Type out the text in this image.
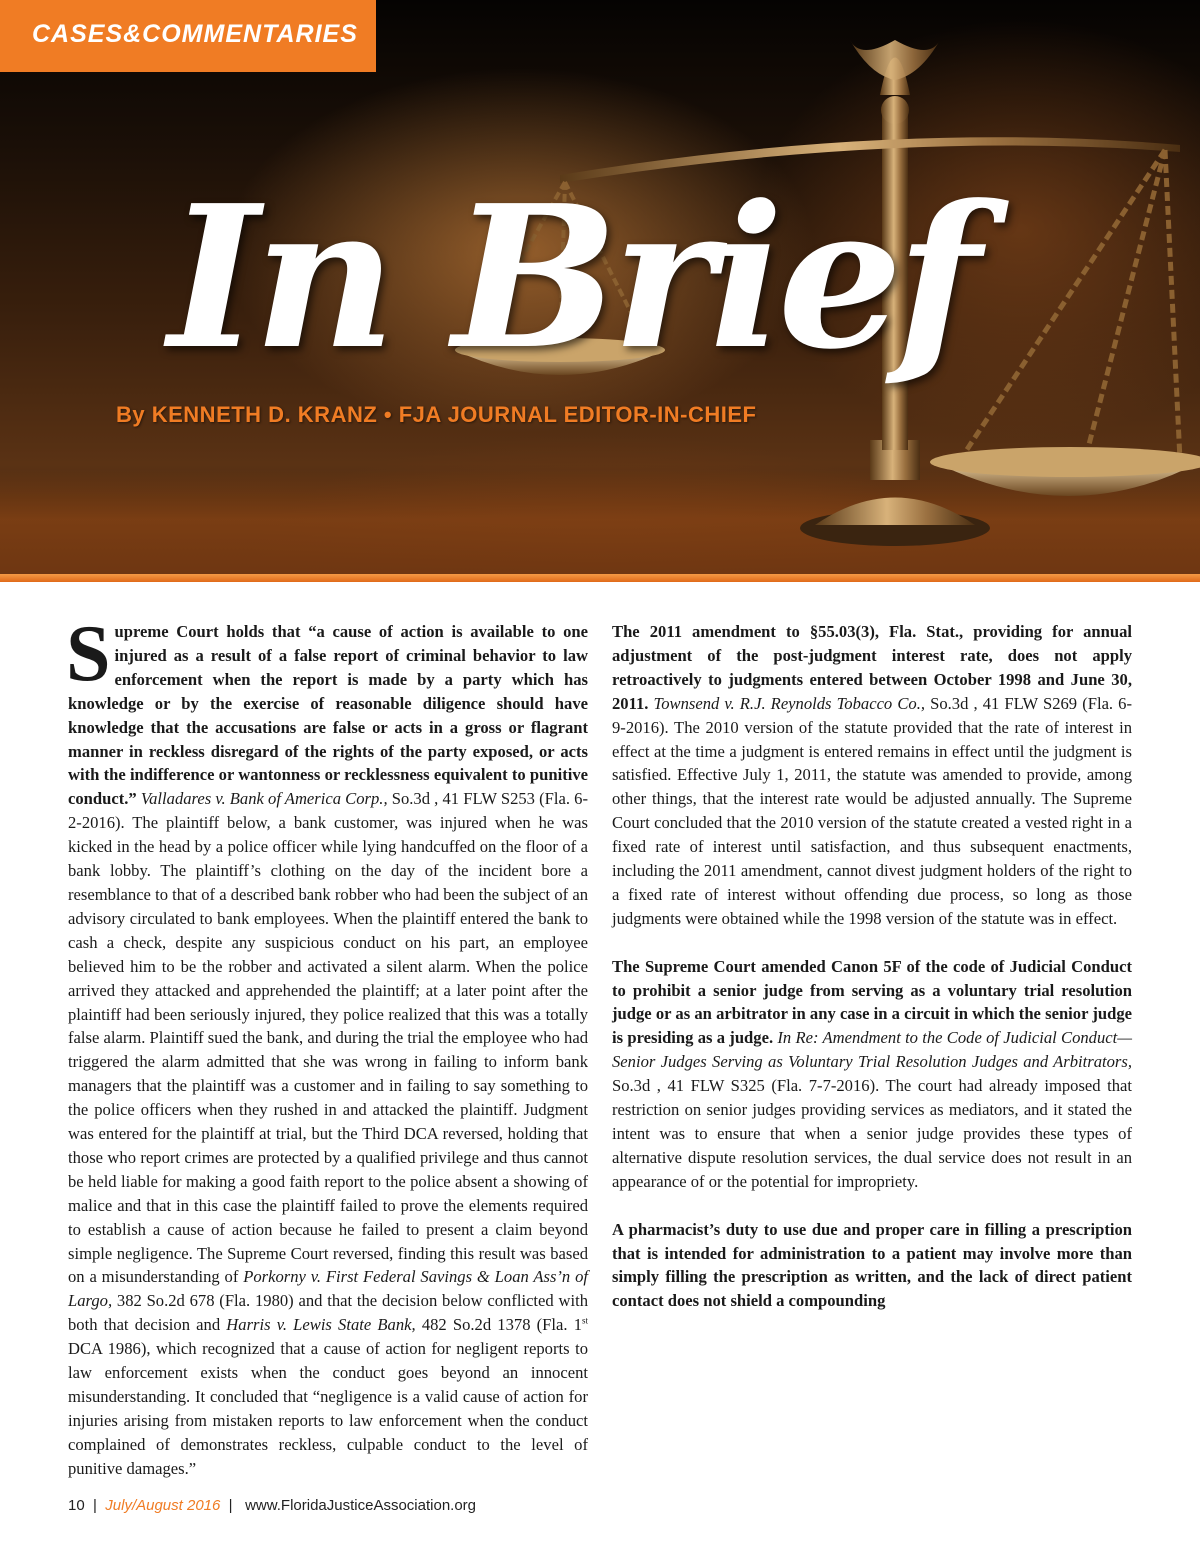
CASES&COMMENTARIES
In Brief
By KENNETH D. KRANZ • FJA JOURNAL EDITOR-IN-CHIEF

Supreme Court holds that “a cause of action is available to one injured as a result of a false report of criminal behavior to law enforcement when the report is made by a party which has knowledge or by the exercise of reasonable diligence should have knowledge that the accusations are false or acts in a gross or flagrant manner in reckless disregard of the rights of the party exposed, or acts with the indifference or wantonness or recklessness equivalent to punitive conduct.” Valladares v. Bank of America Corp., So.3d , 41 FLW S253 (Fla. 6-2-2016). The plaintiff below, a bank customer, was injured when he was kicked in the head by a police officer while lying handcuffed on the floor of a bank lobby. The plaintiff’s clothing on the day of the incident bore a resemblance to that of a described bank robber who had been the subject of an advisory circulated to bank employees. When the plaintiff entered the bank to cash a check, despite any suspicious conduct on his part, an employee believed him to be the robber and activated a silent alarm. When the police arrived they attacked and apprehended the plaintiff; at a later point after the plaintiff had been seriously injured, they police realized that this was a totally false alarm. Plaintiff sued the bank, and during the trial the employee who had triggered the alarm admitted that she was wrong in failing to inform bank managers that the plaintiff was a customer and in failing to say something to the police officers when they rushed in and attacked the plaintiff. Judgment was entered for the plaintiff at trial, but the Third DCA reversed, holding that those who report crimes are protected by a qualified privilege and thus cannot be held liable for making a good faith report to the police absent a showing of malice and that in this case the plaintiff failed to prove the elements required to establish a cause of action because he failed to present a claim beyond simple negligence. The Supreme Court reversed, finding this result was based on a misunderstanding of Porkorny v. First Federal Savings & Loan Ass’n of Largo, 382 So.2d 678 (Fla. 1980) and that the decision below conflicted with both that decision and Harris v. Lewis State Bank, 482 So.2d 1378 (Fla. 1st DCA 1986), which recognized that a cause of action for negligent reports to law enforcement exists when the conduct goes beyond an innocent misunderstanding. It concluded that “negligence is a valid cause of action for injuries arising from mistaken reports to law enforcement when the conduct complained of demonstrates reckless, culpable conduct to the level of punitive damages.”

The 2011 amendment to §55.03(3), Fla. Stat., providing for annual adjustment of the post-judgment interest rate, does not apply retroactively to judgments entered between October 1998 and June 30, 2011. Townsend v. R.J. Reynolds Tobacco Co., So.3d , 41 FLW S269 (Fla. 6-9-2016). The 2010 version of the statute provided that the rate of interest in effect at the time a judgment is entered remains in effect until the judgment is satisfied. Effective July 1, 2011, the statute was amended to provide, among other things, that the interest rate would be adjusted annually. The Supreme Court concluded that the 2010 version of the statute created a vested right in a fixed rate of interest until satisfaction, and thus subsequent enactments, including the 2011 amendment, cannot divest judgment holders of the right to a fixed rate of interest without offending due process, so long as those judgments were obtained while the 1998 version of the statute was in effect.

The Supreme Court amended Canon 5F of the code of Judicial Conduct to prohibit a senior judge from serving as a voluntary trial resolution judge or as an arbitrator in any case in a circuit in which the senior judge is presiding as a judge. In Re: Amendment to the Code of Judicial Conduct—Senior Judges Serving as Voluntary Trial Resolution Judges and Arbitrators, So.3d , 41 FLW S325 (Fla. 7-7-2016). The court had already imposed that restriction on senior judges providing services as mediators, and it stated the intent was to ensure that when a senior judge provides these types of alternative dispute resolution services, the dual service does not result in an appearance of or the potential for impropriety.

A pharmacist’s duty to use due and proper care in filling a prescription that is intended for administration to a patient may involve more than simply filling the prescription as written, and the lack of direct patient contact does not shield a compounding

10  |  July/August 2016  |   www.FloridaJusticeAssociation.org
